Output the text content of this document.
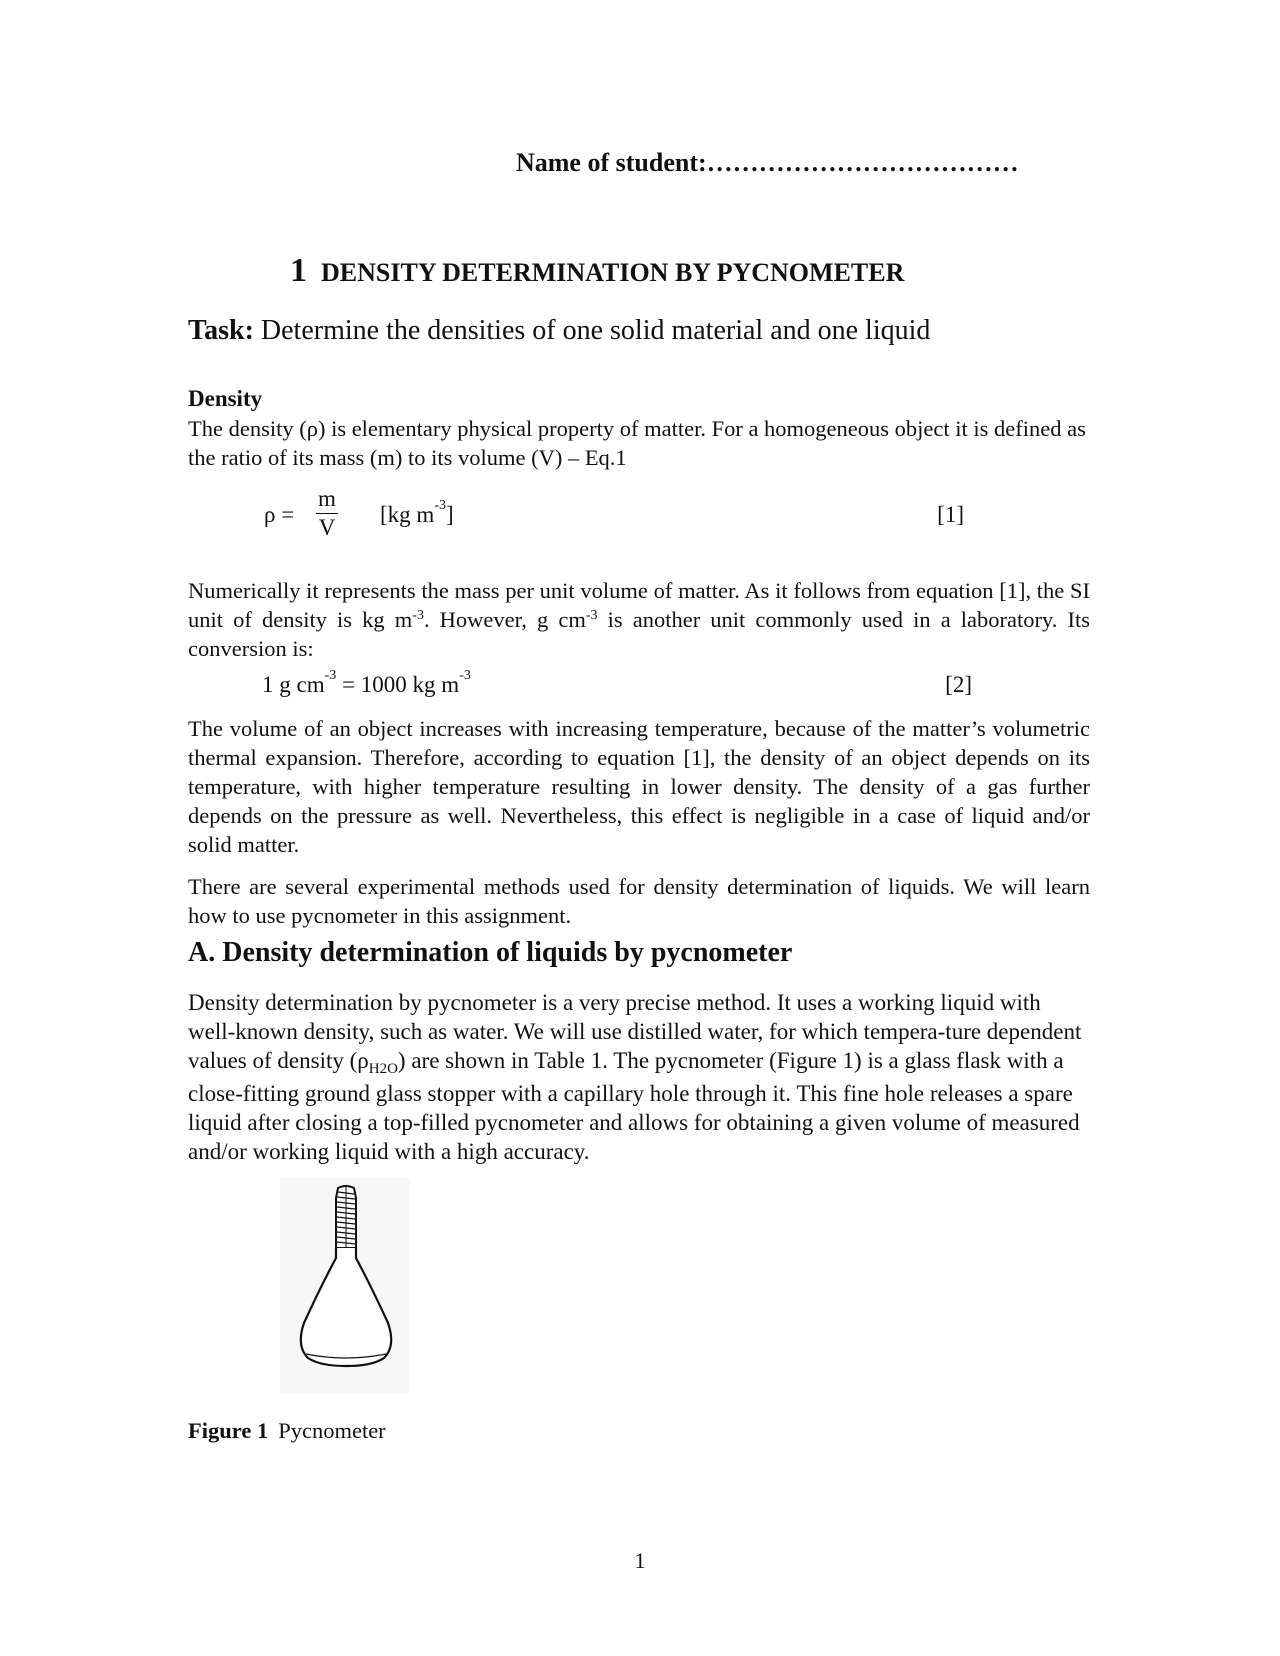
Name of student:………………………………
1 DENSITY DETERMINATION BY PYCNOMETER
Task: Determine the densities of one solid material and one liquid
Density
The density (ρ) is elementary physical property of matter. For a homogeneous object it is defined as the ratio of its mass (m) to its volume (V) – Eq.1
ρ =
m
V
[kg $m^{-3}$]	[1]
Numerically it represents the mass per unit volume of matter. As it follows from equation [1], the SI unit of density is kg $m^{-3}$. However, g $cm^{-3}$ is another unit commonly used in a laboratory. Its conversion is:
1 g $cm^{-3} = 1000$ kg $m^{-3}$	[2]
The volume of an object increases with increasing temperature, because of the matter’s volumetric thermal expansion. Therefore, according to equation [1], the density of an object depends on its temperature, with higher temperature resulting in lower density. The density of a gas further depends on the pressure as well. Nevertheless, this effect is negligible in a case of liquid and/or solid matter.
There are several experimental methods used for density determination of liquids. We will learn how to use pycnometer in this assignment.
A. Density determination of liquids by pycnometer
Density determination by pycnometer is a very precise method. It uses a working liquid with well-known density, such as water. We will use distilled water, for which tempera-ture dependent values of density $(\rho_{H2O})$ are shown in Table 1. The pycnometer (Figure 1) is a glass flask with a close-fitting ground glass stopper with a capillary hole through it. This fine hole releases a spare liquid after closing a top-filled pycnometer and allows for obtaining a given volume of measured and/or working liquid with a high accuracy.
Figure 1 Pycnometer
1
